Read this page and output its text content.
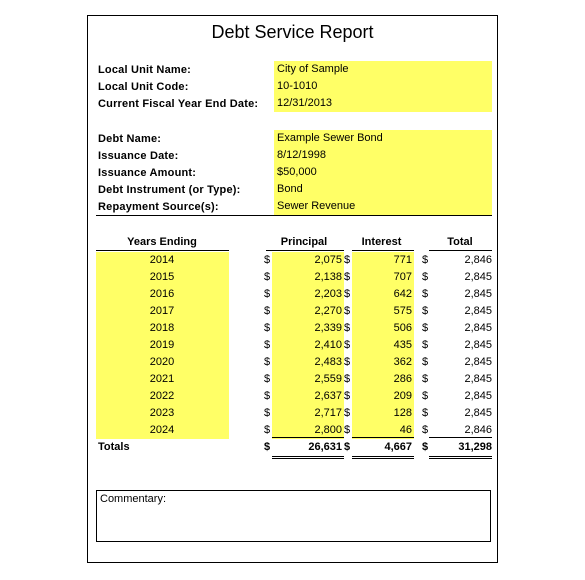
Debt Service Report
Local Unit Name:	City of Sample
Local Unit Code:	10-1010
Current Fiscal Year End Date: 12/31/2013
Debt Name:	Example Sewer Bond
Issuance Date:	8/12/1998
Issuance Amount:	$50,000
Debt Instrument (or Type):	Bond
Repayment Source(s):	Sewer Revenue
Years Ending	Principal	Interest	Total
2014	$	2,075 $	771 $	2,846
2015	$	2,138 $	707 $	2,845
2016	$	2,203 $	642 $	2,845
2017	$	2,270 $	575 $	2,845
2018	$	2,339 $	506 $	2,845
2019	$	2,410 $	435 $	2,845
2020	$	2,483 $	362 $	2,845
2021	$	2,559 $	286 $	2,845
2022	$	2,637 $	209 $	2,845
2023	$	2,717 $	128 $	2,845
2024	$	2,800 $	46 $	2,846
Totals	$	26,631 $	4,667 $	31,298
Commentary:
